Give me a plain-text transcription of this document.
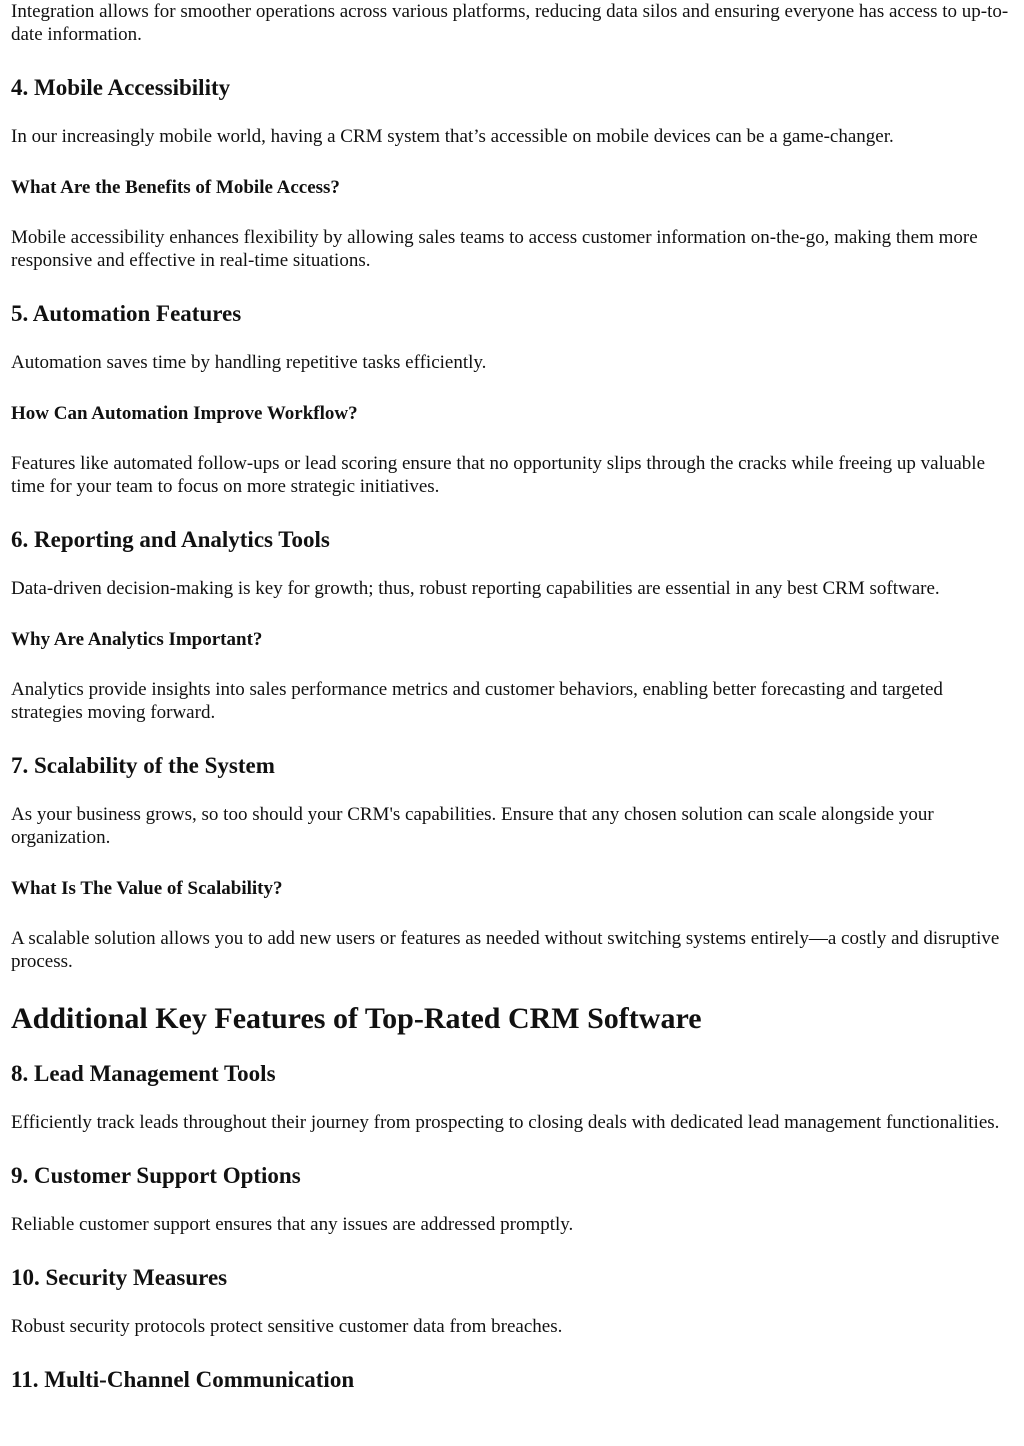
Integration allows for smoother operations across various platforms, reducing data silos and ensuring everyone has access to up-to-date information.

4. Mobile Accessibility

In our increasingly mobile world, having a CRM system that’s accessible on mobile devices can be a game-changer.

What Are the Benefits of Mobile Access?

Mobile accessibility enhances flexibility by allowing sales teams to access customer information on-the-go, making them more responsive and effective in real-time situations.

5. Automation Features

Automation saves time by handling repetitive tasks efficiently.

How Can Automation Improve Workflow?

Features like automated follow-ups or lead scoring ensure that no opportunity slips through the cracks while freeing up valuable time for your team to focus on more strategic initiatives.

6. Reporting and Analytics Tools

Data-driven decision-making is key for growth; thus, robust reporting capabilities are essential in any best CRM software.

Why Are Analytics Important?

Analytics provide insights into sales performance metrics and customer behaviors, enabling better forecasting and targeted strategies moving forward.

7. Scalability of the System

As your business grows, so too should your CRM's capabilities. Ensure that any chosen solution can scale alongside your organization.

What Is The Value of Scalability?

A scalable solution allows you to add new users or features as needed without switching systems entirely—a costly and disruptive process.

Additional Key Features of Top-Rated CRM Software
8. Lead Management Tools

Efficiently track leads throughout their journey from prospecting to closing deals with dedicated lead management functionalities.

9. Customer Support Options

Reliable customer support ensures that any issues are addressed promptly.

10. Security Measures

Robust security protocols protect sensitive customer data from breaches.

11. Multi-Channel Communication
